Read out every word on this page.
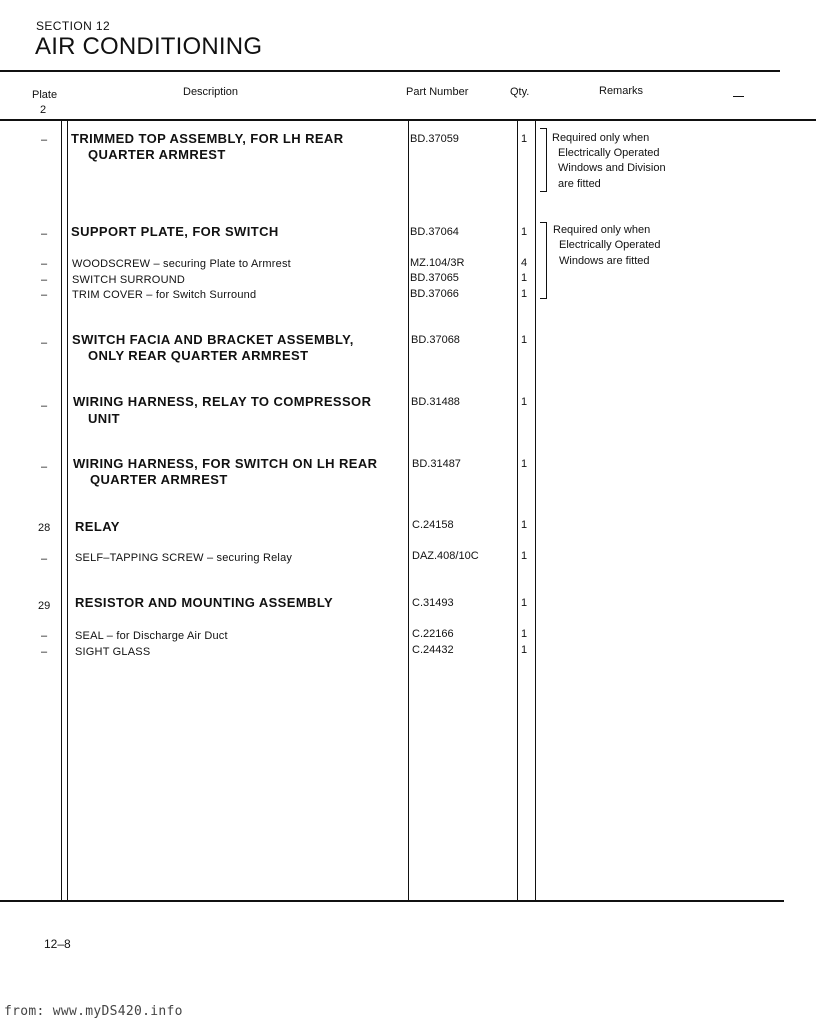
SECTION 12
AIR CONDITIONING
Plate
2
Description	Part Number	Qty.	Remarks
– TRIMMED TOP ASSEMBLY, FOR LH REAR
QUARTER ARMREST
BD.37059	1	Required only when
Electrically Operated
Windows and Division
are fitted
– SUPPORT PLATE, FOR SWITCH	BD.37064	1	Required only when
Electrically Operated
Windows are fitted
– WOODSCREW – securing Plate to Armrest	MZ.104/3R	4
– SWITCH SURROUND	BD.37065	1
– TRIM COVER – for Switch Surround	BD.37066	1
– SWITCH FACIA AND BRACKET ASSEMBLY,
ONLY REAR QUARTER ARMREST
BD.37068	1
– WIRING HARNESS, RELAY TO COMPRESSOR
UNIT
BD.31488	1
– WIRING HARNESS, FOR SWITCH ON LH REAR
QUARTER ARMREST
BD.31487	1
28 RELAY	C.24158	1
–	SELF–TAPPING SCREW – securing Relay	DAZ.408/10C	1
29 RESISTOR AND MOUNTING ASSEMBLY	C.31493	1
–	SEAL – for Discharge Air Duct	C.22166	1
–	SIGHT GLASS	C.24432	1
12–8
from: www.myDS420.info
